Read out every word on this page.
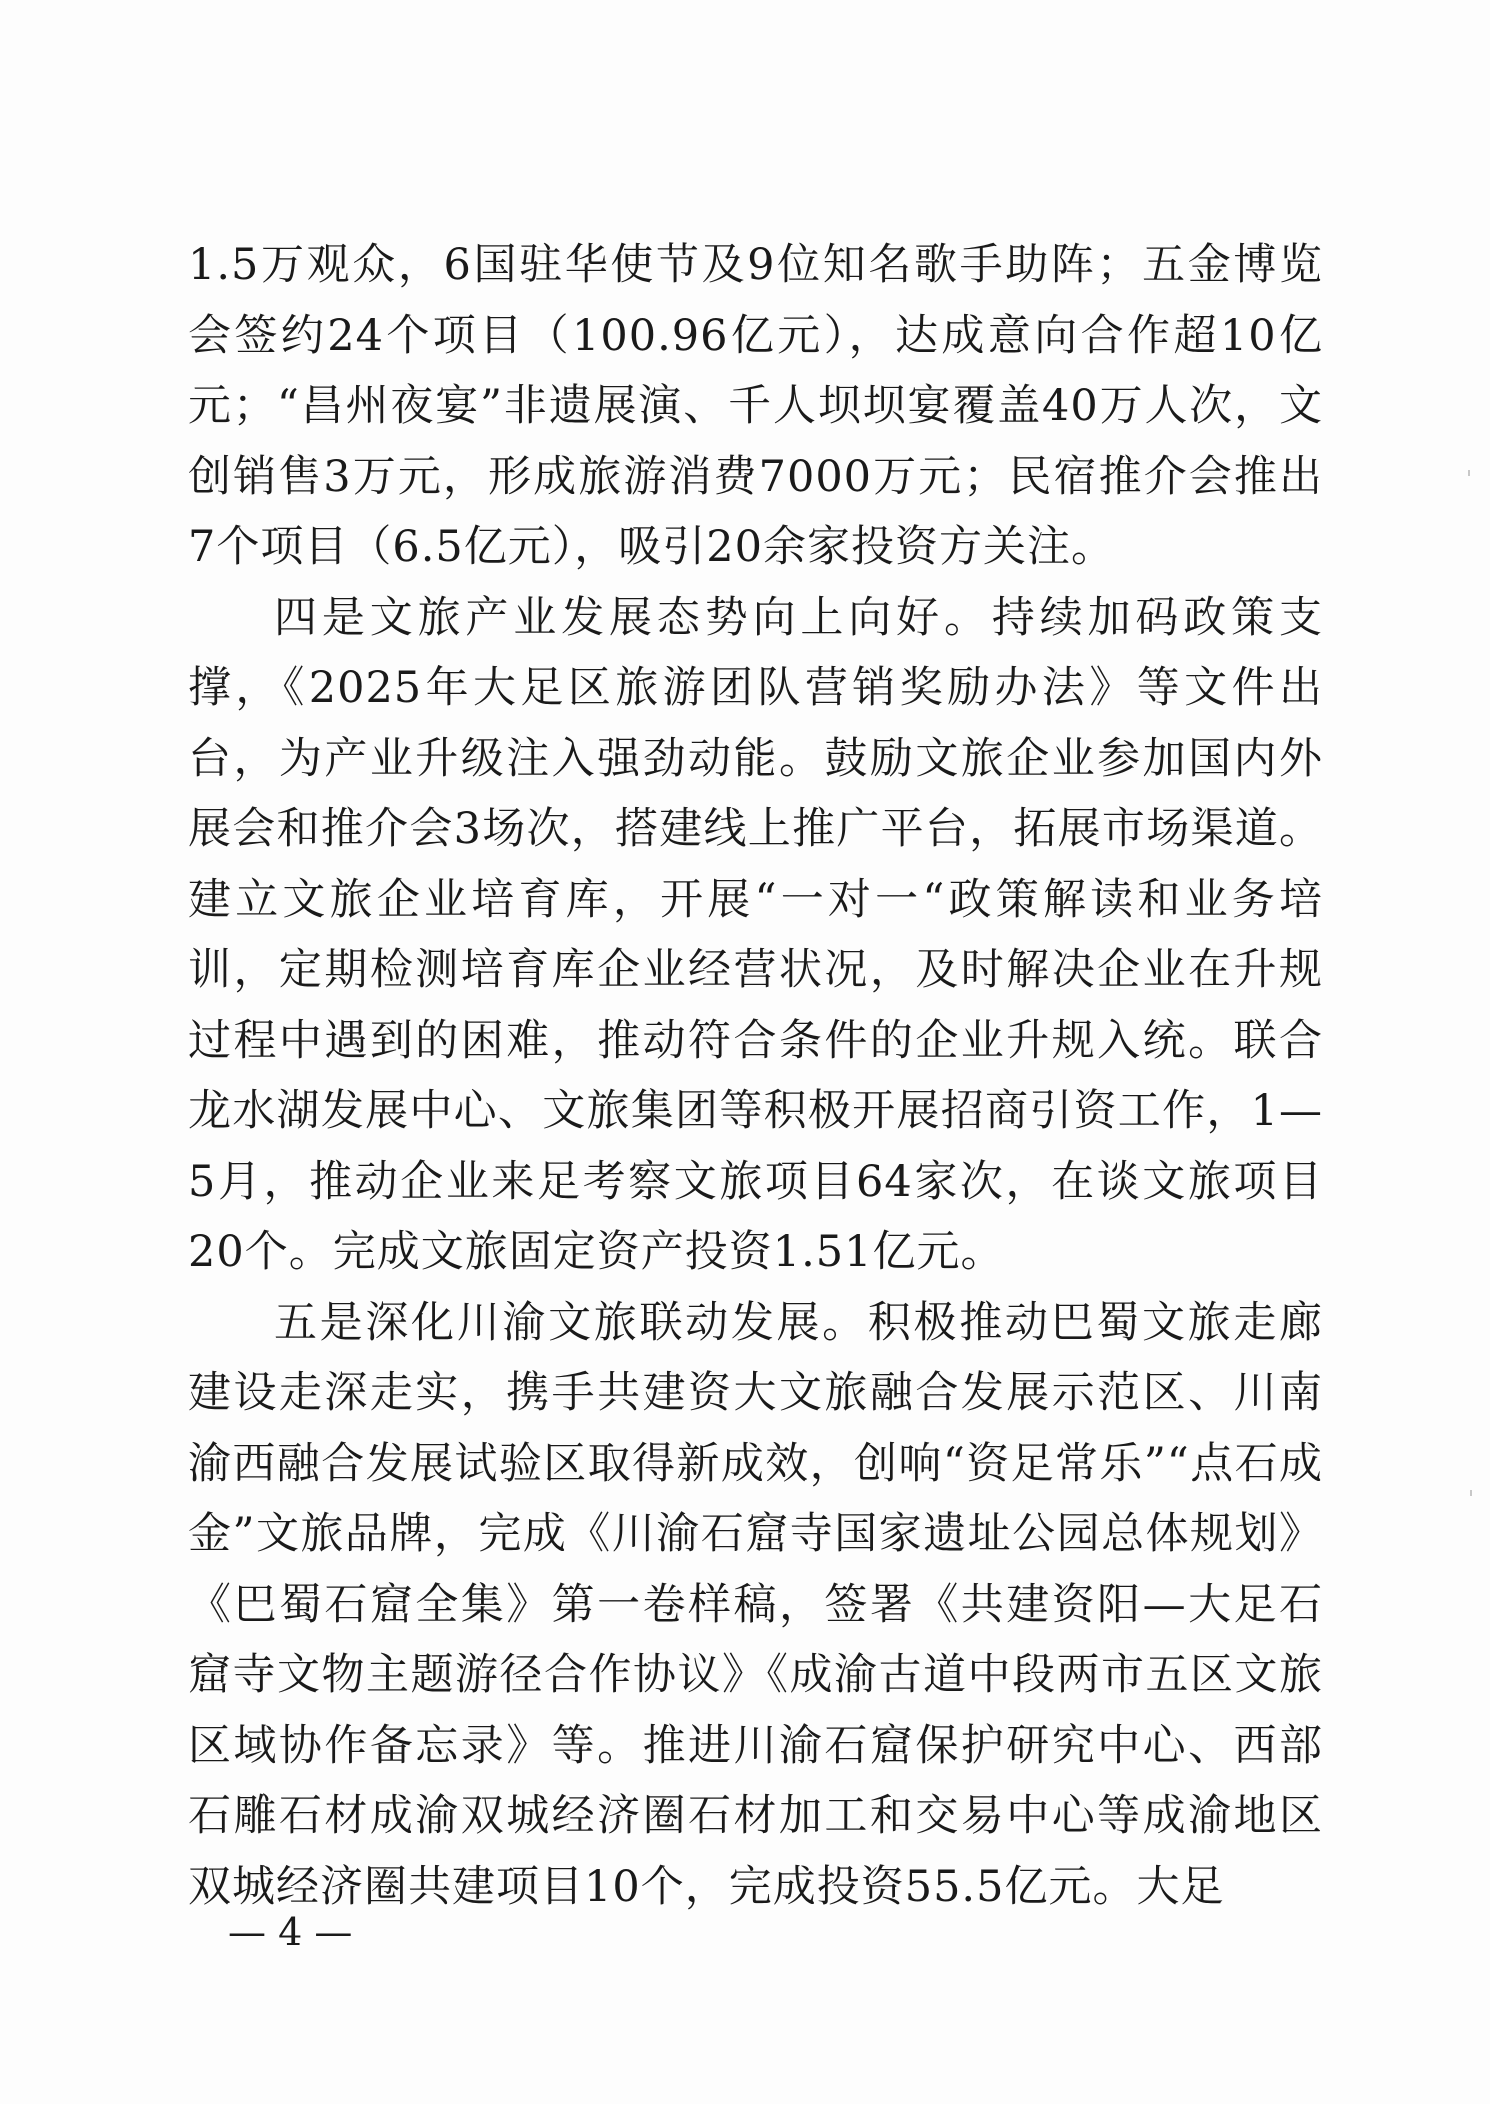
1.5万观众，6国驻华使节及9位知名歌手助阵；五金博览会签约24个项目（100.96亿元），达成意向合作超10亿元；“昌州夜宴”非遗展演、千人坝坝宴覆盖40万人次，文创销售3万元，形成旅游消费7000万元；民宿推介会推出7个项目（6.5亿元），吸引20余家投资方关注。

四是文旅产业发展态势向上向好。持续加码政策支撑，《2025年大足区旅游团队营销奖励办法》等文件出台，为产业升级注入强劲动能。鼓励文旅企业参加国内外展会和推介会3场次，搭建线上推广平台，拓展市场渠道。建立文旅企业培育库，开展“一对一“政策解读和业务培训，定期检测培育库企业经营状况，及时解决企业在升规过程中遇到的困难，推动符合条件的企业升规入统。联合龙水湖发展中心、文旅集团等积极开展招商引资工作，1—5月，推动企业来足考察文旅项目64家次，在谈文旅项目20个。完成文旅固定资产投资1.51亿元。

五是深化川渝文旅联动发展。积极推动巴蜀文旅走廊建设走深走实，携手共建资大文旅融合发展示范区、川南渝西融合发展试验区取得新成效，创响“资足常乐”“点石成金”文旅品牌，完成《川渝石窟寺国家遗址公园总体规划》《巴蜀石窟全集》第一卷样稿，签署《共建资阳—大足石窟寺文物主题游径合作协议》《成渝古道中段两市五区文旅区域协作备忘录》等。推进川渝石窟保护研究中心、西部石雕石材成渝双城经济圈石材加工和交易中心等成渝地区双城经济圈共建项目10个，完成投资55.5亿元。大足

— 4 —
